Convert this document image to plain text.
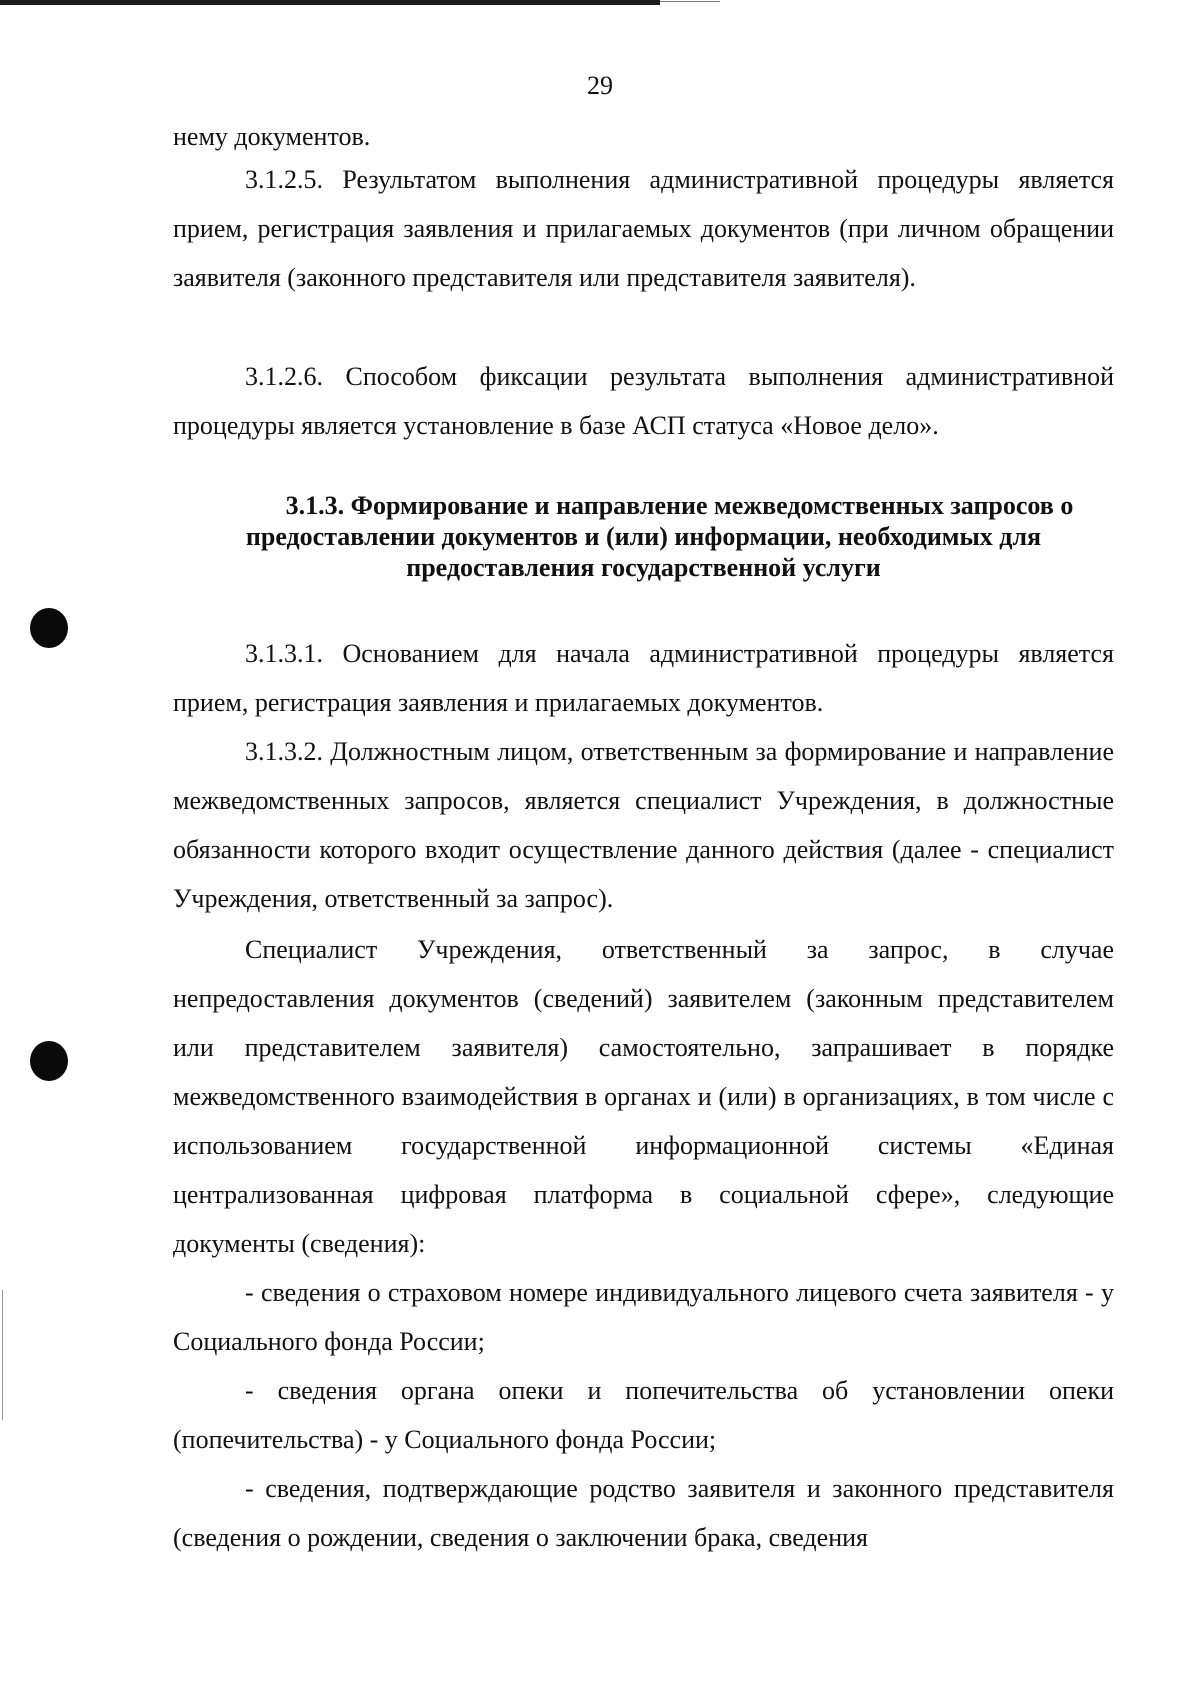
29
нему документов.
3.1.2.5. Результатом выполнения административной процедуры является прием, регистрация заявления и прилагаемых документов (при личном обращении заявителя (законного представителя или представителя заявителя).
3.1.2.6. Способом фиксации результата выполнения административной процедуры является установление в базе АСП статуса «Новое дело».
3.1.3. Формирование и направление межведомственных запросов о предоставлении документов и (или) информации, необходимых для предоставления государственной услуги
3.1.3.1. Основанием для начала административной процедуры является прием, регистрация заявления и прилагаемых документов.
3.1.3.2. Должностным лицом, ответственным за формирование и направление межведомственных запросов, является специалист Учреждения, в должностные обязанности которого входит осуществление данного действия (далее - специалист Учреждения, ответственный за запрос).
Специалист Учреждения, ответственный за запрос, в случае непредоставления документов (сведений) заявителем (законным представителем или представителем заявителя) самостоятельно, запрашивает в порядке межведомственного взаимодействия в органах и (или) в организациях, в том числе с использованием государственной информационной системы «Единая централизованная цифровая платформа в социальной сфере», следующие документы (сведения):
- сведения о страховом номере индивидуального лицевого счета заявителя - у Социального фонда России;
- сведения органа опеки и попечительства об установлении опеки (попечительства) - у Социального фонда России;
- сведения, подтверждающие родство заявителя и законного представителя (сведения о рождении, сведения о заключении брака, сведения
